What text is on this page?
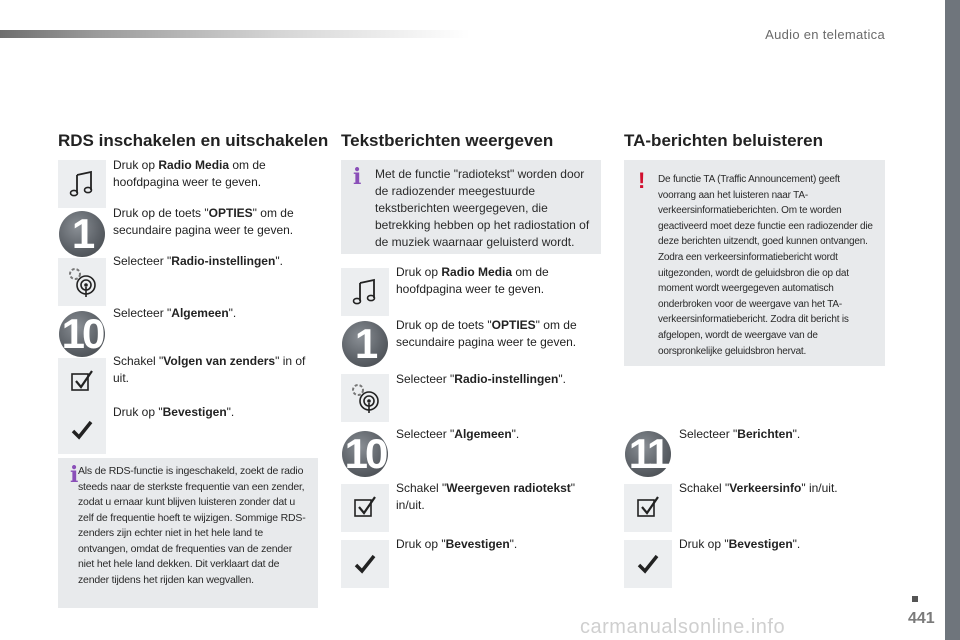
Audio en telematica
RDS inschakelen en uitschakelen
Druk op Radio Media om de hoofdpagina weer te geven.
1 Druk op de toets "OPTIES" om de secundaire pagina weer te geven.
Selecteer "Radio-instellingen".
10 Selecteer "Algemeen".
Schakel "Volgen van zenders" in of uit.
Druk op "Bevestigen".
i Als de RDS-functie is ingeschakeld, zoekt de radio steeds naar de sterkste frequentie van een zender, zodat u ernaar kunt blijven luisteren zonder dat u zelf de frequentie hoeft te wijzigen. Sommige RDS-zenders zijn echter niet in het hele land te ontvangen, omdat de frequenties van de zender niet het hele land dekken. Dit verklaart dat de zender tijdens het rijden kan wegvallen.
Tekstberichten weergeven
i Met de functie "radiotekst" worden door de radiozender meegestuurde tekstberichten weergegeven, die betrekking hebben op het radiostation of de muziek waarnaar geluisterd wordt.
Druk op Radio Media om de hoofdpagina weer te geven.
1 Druk op de toets "OPTIES" om de secundaire pagina weer te geven.
Selecteer "Radio-instellingen".
10 Selecteer "Algemeen".
Schakel "Weergeven radiotekst" in/uit.
Druk op "Bevestigen".
TA-berichten beluisteren
! De functie TA (Traffic Announcement) geeft voorrang aan het luisteren naar TA-verkeersinformatieberichten. Om te worden geactiveerd moet deze functie een radiozender die deze berichten uitzendt, goed kunnen ontvangen. Zodra een verkeersinformatiebericht wordt uitgezonden, wordt de geluidsbron die op dat moment wordt weergegeven automatisch onderbroken voor de weergave van het TA-verkeersinformatiebericht. Zodra dit bericht is afgelopen, wordt de weergave van de oorspronkelijke geluidsbron hervat.
11 Selecteer "Berichten".
Schakel "Verkeersinfo" in/uit.
Druk op "Bevestigen".
carmanualsonline.info	441
